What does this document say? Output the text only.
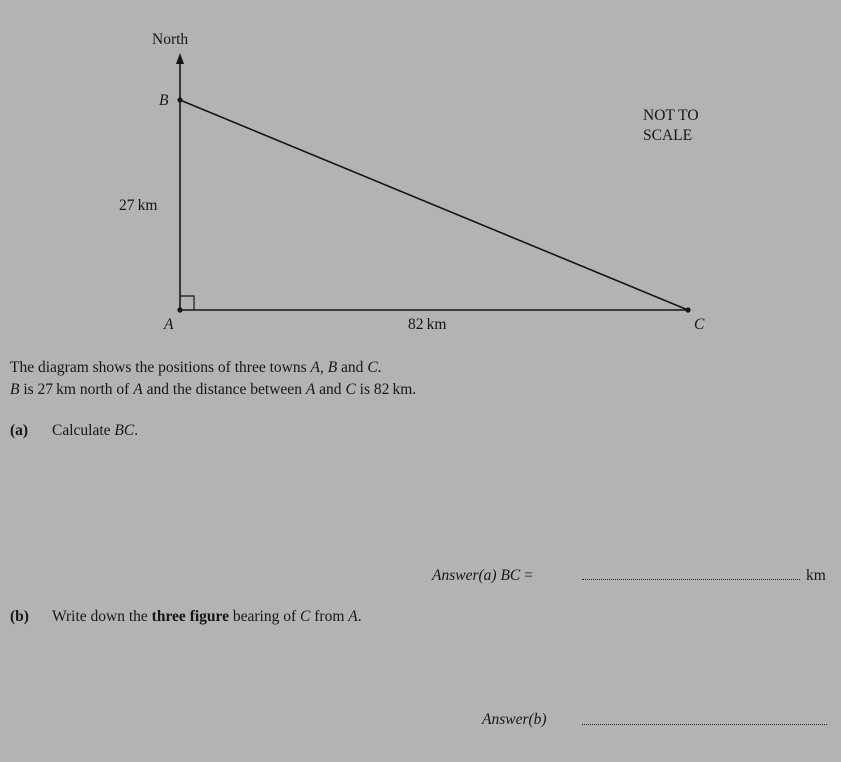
North
B
A	C
27 km
82 km
NOT TO
SCALE
The diagram shows the positions of three towns A, B and C.
B is 27 km north of A and the distance between A and C is 82 km.
(a) Calculate BC.
Answer(a) BC =	km
(b) Write down the three figure bearing of C from A.
Answer(b)
